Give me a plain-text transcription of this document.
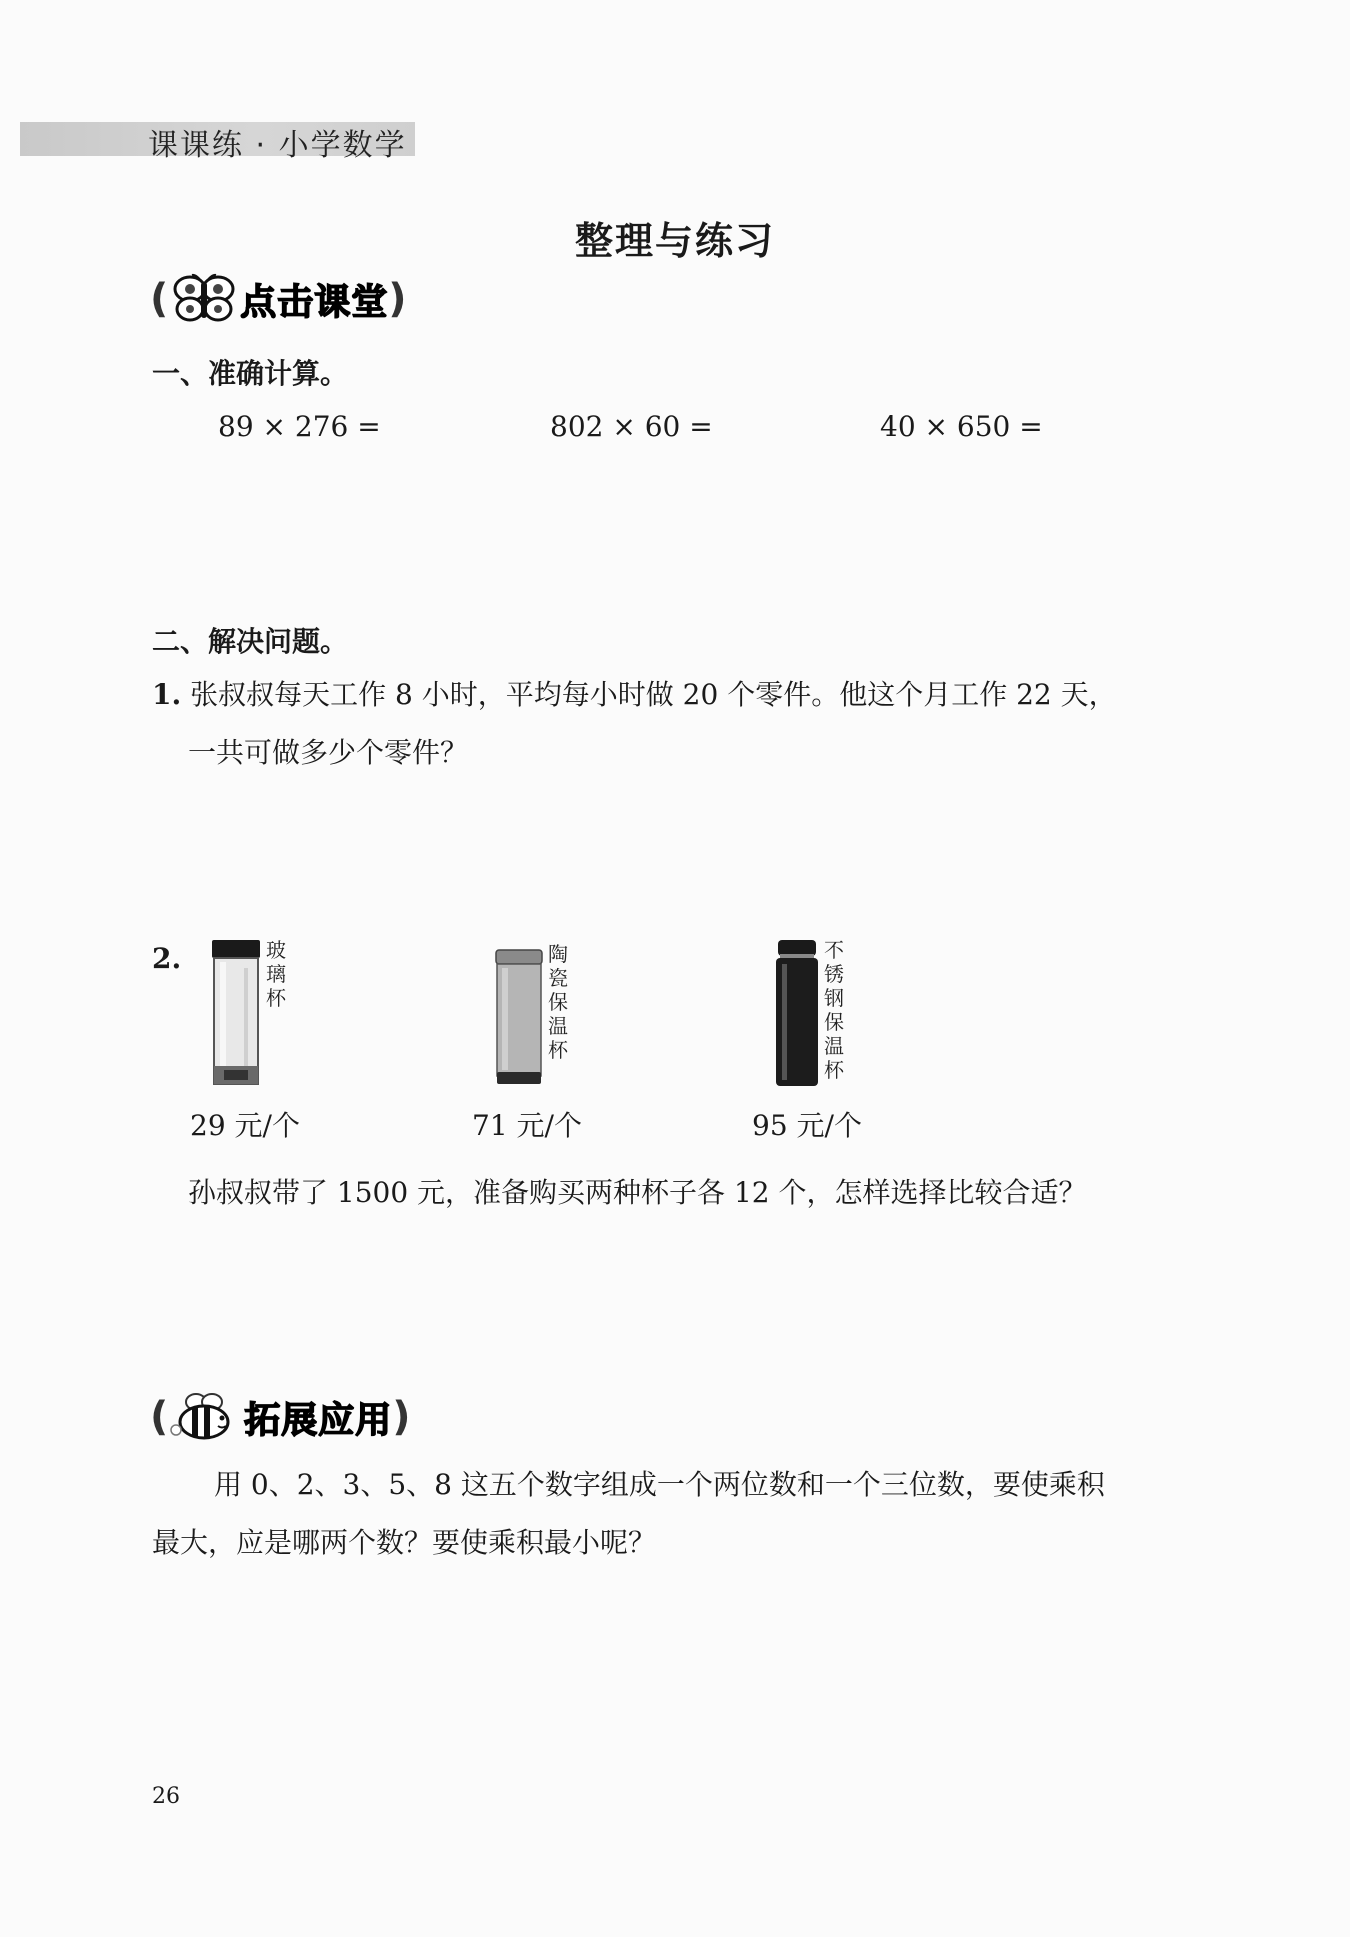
课课练 · 小学数学
整理与练习
( 点击课堂 )
一、准确计算。
89 × 276 =	802 × 60 =	40 × 650 =
二、解决问题。
1. 张叔叔每天工作 8 小时，平均每小时做 20 个零件。他这个月工作 22 天，
一共可做多少个零件？
2.	玻璃杯
陶瓷保温杯
不锈钢保温杯
29 元/个	71 元/个	95 元/个
孙叔叔带了 1500 元，准备购买两种杯子各 12 个，怎样选择比较合适？
( 拓展应用 )
用 0、2、3、5、8 这五个数字组成一个两位数和一个三位数，要使乘积
最大，应是哪两个数？要使乘积最小呢？
26
